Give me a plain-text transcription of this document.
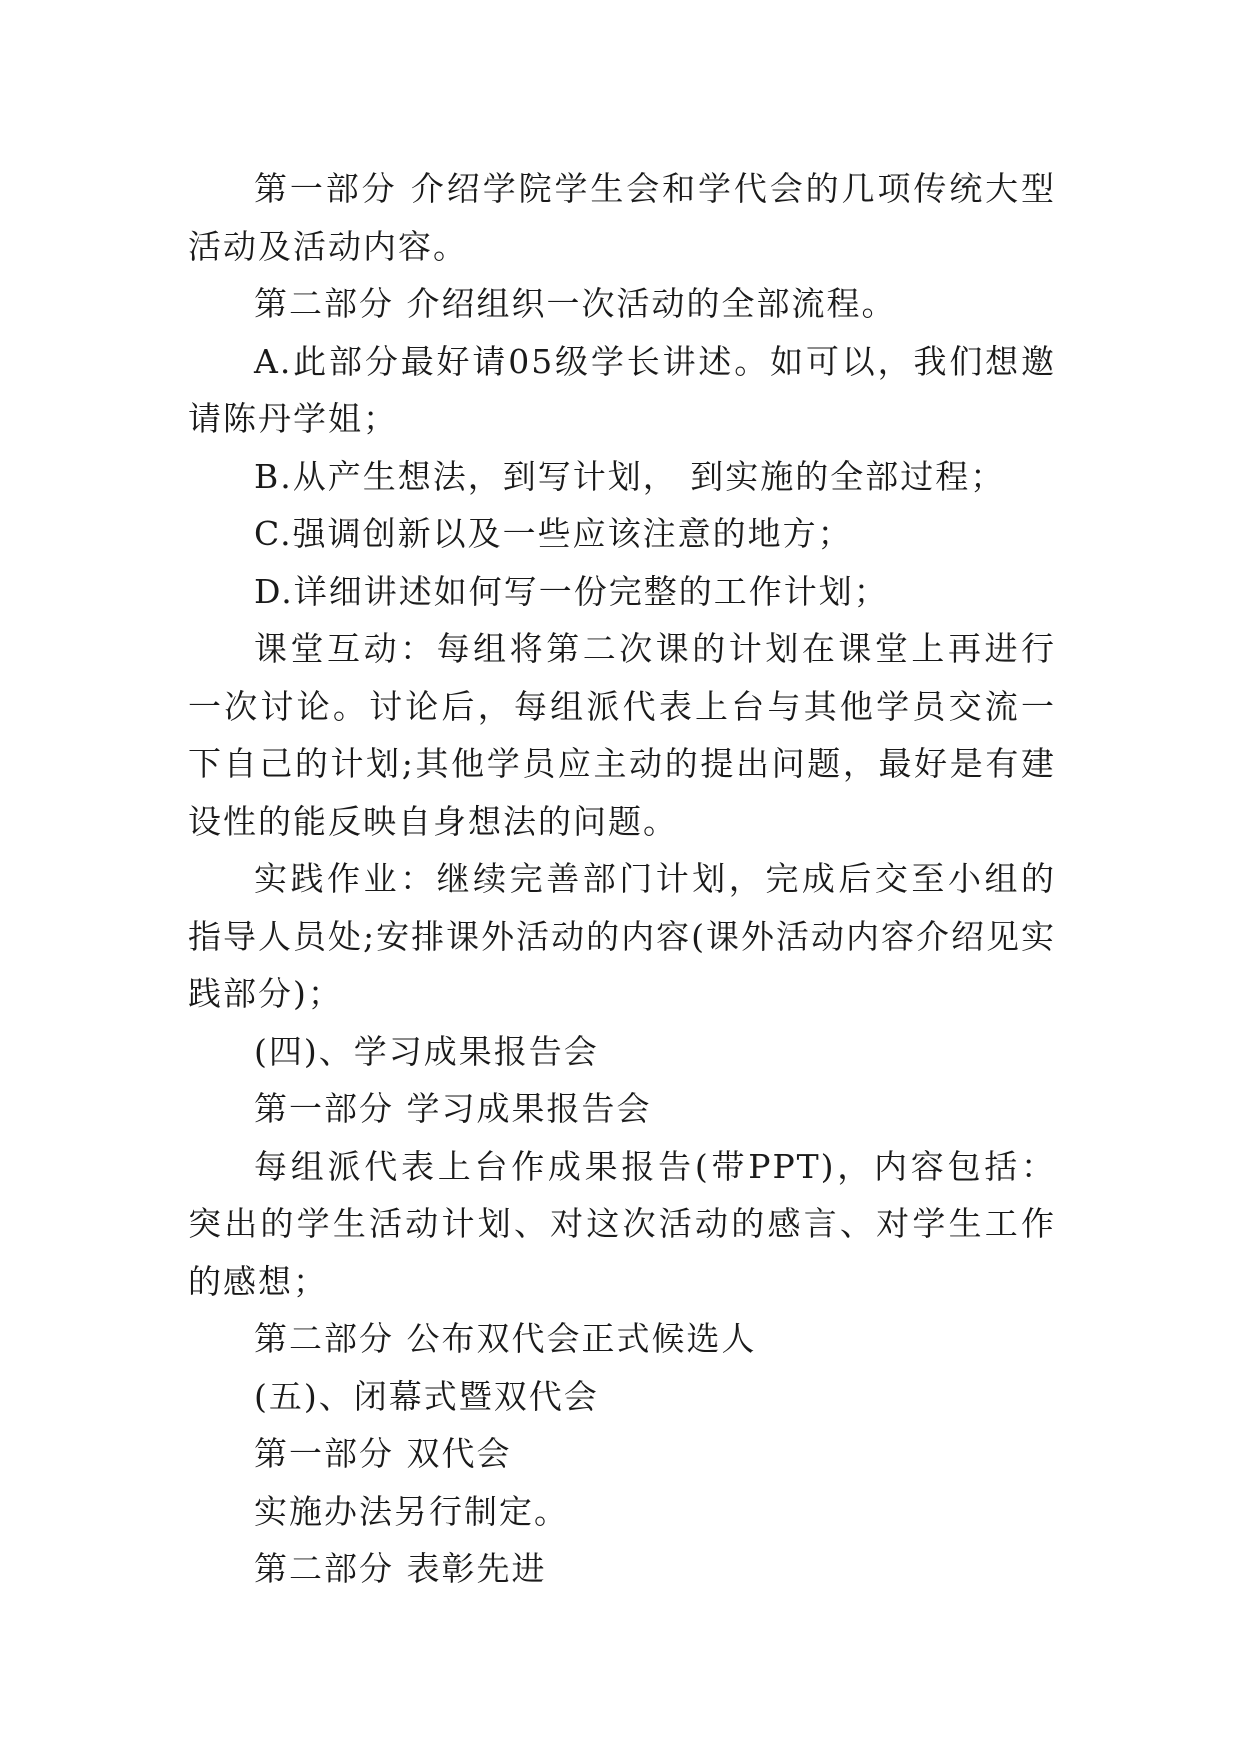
第一部分 介绍学院学生会和学代会的几项传统大型活动及活动内容。

第二部分 介绍组织一次活动的全部流程。

A.此部分最好请05级学长讲述。如可以，我们想邀请陈丹学姐；

B.从产生想法，到写计划， 到实施的全部过程；

C.强调创新以及一些应该注意的地方；

D.详细讲述如何写一份完整的工作计划；

课堂互动：每组将第二次课的计划在课堂上再进行一次讨论。讨论后，每组派代表上台与其他学员交流一下自己的计划;其他学员应主动的提出问题，最好是有建设性的能反映自身想法的问题。

实践作业：继续完善部门计划，完成后交至小组的指导人员处;安排课外活动的内容(课外活动内容介绍见实践部分)；

(四)、学习成果报告会

第一部分 学习成果报告会

每组派代表上台作成果报告(带PPT)，内容包括：突出的学生活动计划、对这次活动的感言、对学生工作的感想；

第二部分 公布双代会正式候选人

(五)、闭幕式暨双代会

第一部分 双代会

实施办法另行制定。

第二部分 表彰先进
